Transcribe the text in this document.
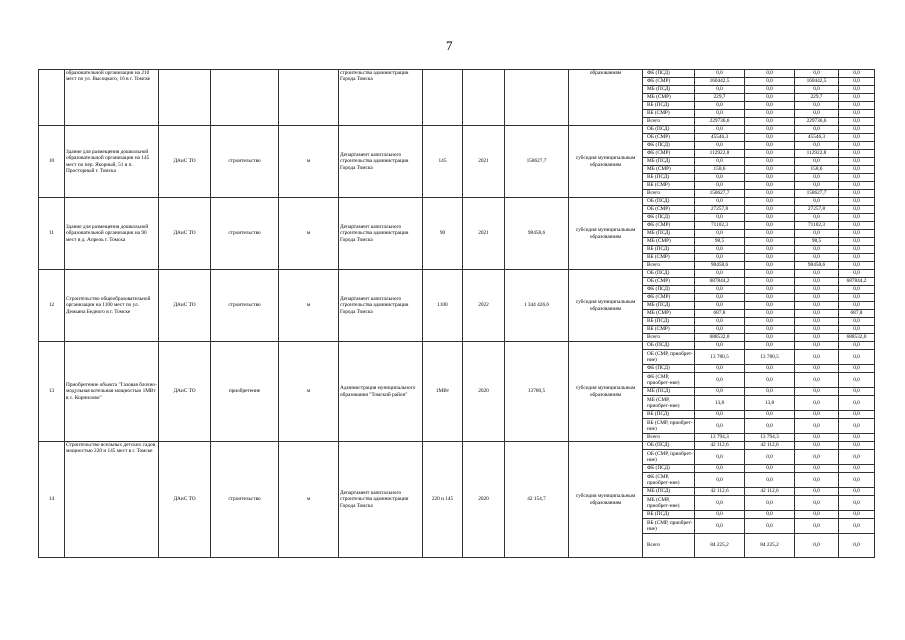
7
	образовательной организации на 210 мест по ул. Высоцкого, 16 в г. Томске				строительства администрации Города Томска				образованиям	ФБ (ПСД)	0,0	0,0	0,0	0,0
										ФБ (СМР)	160442,5	0,0	160442,5	0,0
										МБ (ПСД)	0,0	0,0	0,0	0,0
										МБ (СМР)	229,7	0,0	229,7	0,0
										ВБ (ПСД)	0,0	0,0	0,0	0,0
										ВБ (СМР)	0,0	0,0	0,0	0,0
										Всего	229736,6	0,0	229736,6	0,0
10	Здание для размещения дошкольной образовательной организации на 145 мест по пер. Якорный, 51 в п. Просторный г. Томска	ДАиС ТО	строительство	м	Департамент капитального строительства администрации Города Томска	145	2021	158627,7	субсидия муниципальным образованиям	ОБ (ПСД)	0,0	0,0	0,0	0,0
										ОБ (СМР)	45546,3	0,0	45546,3	0,0
										ФБ (ПСД)	0,0	0,0	0,0	0,0
										ФБ (СМР)	112922,8	0,0	112922,8	0,0
										МБ (ПСД)	0,0	0,0	0,0	0,0
										МБ (СМР)	158,6	0,0	158,6	0,0
										ВБ (ПСД)	0,0	0,0	0,0	0,0
										ВБ (СМР)	0,0	0,0	0,0	0,0
										Всего	158627,7	0,0	158627,7	0,0
11	Здание для размещения дошкольной образовательной организации на 90 мест в д. Апрель г. Томска	ДАиС ТО	строительство	м	Департамент капитального строительства администрации Города Томска	90	2021	98458,6	субсидия муниципальным образованиям	ОБ (ПСД)	0,0	0,0	0,0	0,0
										ОБ (СМР)	27257,8	0,0	27257,8	0,0
										ФБ (ПСД)	0,0	0,0	0,0	0,0
										ФБ (СМР)	71102,3	0,0	71102,3	0,0
										МБ (ПСД)	0,0	0,0	0,0	0,0
										МБ (СМР)	98,5	0,0	98,5	0,0
										ВБ (ПСД)	0,0	0,0	0,0	0,0
										ВБ (СМР)	0,0	0,0	0,0	0,0
										Всего	98458,6	0,0	98458,6	0,0
12	Строительство общеобразовательной организации на 1100 мест по ул. Демьяна Бедного в г. Томске	ДАиС ТО	строительство	м	Департамент капитального строительства администрации Города Томска	1100	2022	1 344 426,6	субсидия муниципальным образованиям	ОБ (ПСД)	0,0	0,0	0,0	0,0
										ОБ (СМР)	687844,2	0,0	0,0	687844,2
										ФБ (ПСД)	0,0	0,0	0,0	0,0
										ФБ (СМР)	0,0	0,0	0,0	0,0
										МБ (ПСД)	0,0	0,0	0,0	0,0
										МБ (СМР)	687,8	0,0	0,0	687,8
										ВБ (ПСД)	0,0	0,0	0,0	0,0
										ВБ (СМР)	0,0	0,0	0,0	0,0
										Всего	688532,0	0,0	0,0	688532,0
13	Приобретение объекта "Газовая блочно-модульная котельная мощностью 1МВт в с. Корнилово"	ДАиС ТО	приобретение	м	Администрация муниципального образования "Томский район"	1МВт	2020	13780,5	субсидия муниципальным образованиям	ОБ (ПСД)	0,0	0,0	0,0	0,0
										ОБ (СМР, приобрет-ние)	13 780,5	13 780,5	0,0	0,0
										ФБ (ПСД)	0,0	0,0	0,0	0,0
										ФБ (СМР, приобрет-ние)	0,0	0,0	0,0	0,0
										МБ (ПСД)	0,0	0,0	0,0	0,0
										МБ (СМР, приобрет-ние)	13,8	13,8	0,0	0,0
										ВБ (ПСД)	0,0	0,0	0,0	0,0
										ВБ (СМР, приобрет-ние)	0,0	0,0	0,0	0,0
										Всего	13 794,3	13 794,3	0,0	0,0
14	Строительство ясельных детских садов мощностью 220 и 145 мест в г. Томске	ДАиС ТО	строительство	м	Департамент капитального строительства администрации Города Томска	220 и 145	2020	42 154,7	субсидия муниципальным образованиям	ОБ (ПСД)	42 112,6	42 112,6	0,0	0,0
										ОБ (СМР, приобрет-ние)	0,0	0,0	0,0	0,0
										ФБ (ПСД)	0,0	0,0	0,0	0,0
										ФБ (СМР, приобрет-ние)	0,0	0,0	0,0	0,0
										МБ (ПСД)	42 112,6	42 112,6	0,0	0,0
										МБ (СМР, приобрет-ние)	0,0	0,0	0,0	0,0
										ВБ (ПСД)	0,0	0,0	0,0	0,0
										ВБ (СМР, приобрет-ние)	0,0	0,0	0,0	0,0
										Всего	84 225,2	84 225,2	0,0	0,0
